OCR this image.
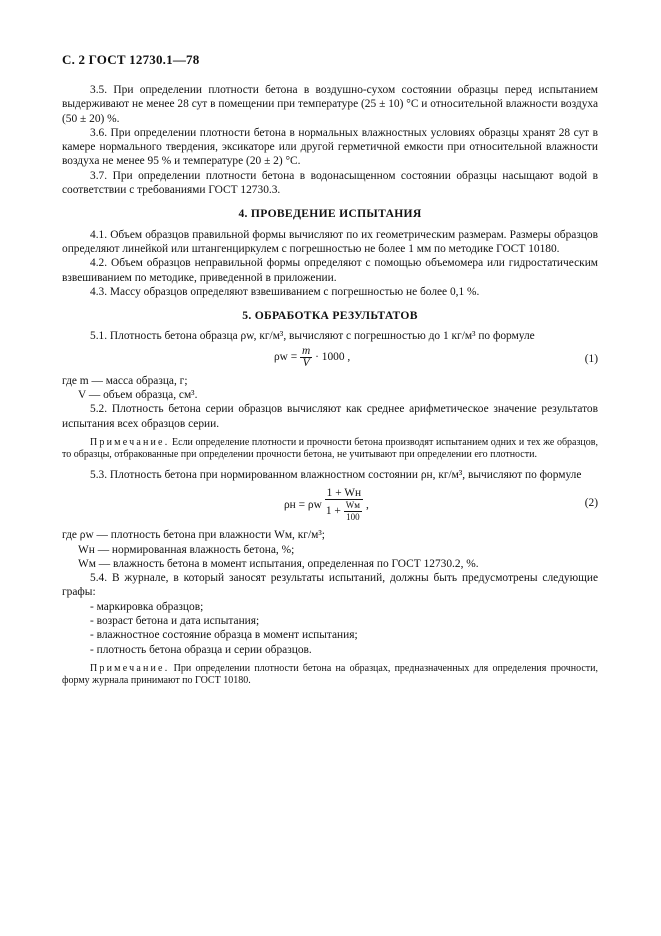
С. 2 ГОСТ 12730.1—78

3.5. При определении плотности бетона в воздушно-сухом состоянии образцы перед испытанием выдерживают не менее 28 сут в помещении при температуре (25 ± 10) °С и относительной влажности воздуха (50 ± 20) %.

3.6. При определении плотности бетона в нормальных влажностных условиях образцы хранят 28 сут в камере нормального твердения, эксикаторе или другой герметичной емкости при относительной влажности воздуха не менее 95 % и температуре (20 ± 2) °С.

3.7. При определении плотности бетона в водонасыщенном состоянии образцы насыщают водой в соответствии с требованиями ГОСТ 12730.3.

4. ПРОВЕДЕНИЕ ИСПЫТАНИЯ

4.1. Объем образцов правильной формы вычисляют по их геометрическим размерам. Размеры образцов определяют линейкой или штангенциркулем с погрешностью не более 1 мм по методике ГОСТ 10180.

4.2. Объем образцов неправильной формы определяют с помощью объемомера или гидростатическим взвешиванием по методике, приведенной в приложении.

4.3. Массу образцов определяют взвешиванием с погрешностью не более 0,1 %.

5. ОБРАБОТКА РЕЗУЛЬТАТОВ

5.1. Плотность бетона образца ρw, кг/м³, вычисляют с погрешностью до 1 кг/м³ по формуле

$\rho w = \frac{m}{V} \cdot 1000$ ,	(1)

где m — масса образца, г;

V — объем образца, см³.

5.2. Плотность бетона серии образцов вычисляют как среднее арифметическое значение результатов испытания всех образцов серии.

Примечание. Если определение плотности и прочности бетона производят испытанием одних и тех же образцов, то образцы, отбракованные при определении прочности бетона, не учитывают при определении его плотности.

5.3. Плотность бетона при нормированном влажностном состоянии ρн, кг/м³, вычисляют по формуле

ρн = ρw $\frac{1 + Wн}{1 + \frac{Wм}{100}}$ ,	(2)

где ρw — плотность бетона при влажности Wм, кг/м³;

Wн — нормированная влажность бетона, %;

Wм — влажность бетона в момент испытания, определенная по ГОСТ 12730.2, %.

5.4. В журнале, в который заносят результаты испытаний, должны быть предусмотрены следующие графы:

- маркировка образцов;

- возраст бетона и дата испытания;

- влажностное состояние образца в момент испытания;

- плотность бетона образца и серии образцов.

Примечание. При определении плотности бетона на образцах, предназначенных для определения прочности, форму журнала принимают по ГОСТ 10180.
